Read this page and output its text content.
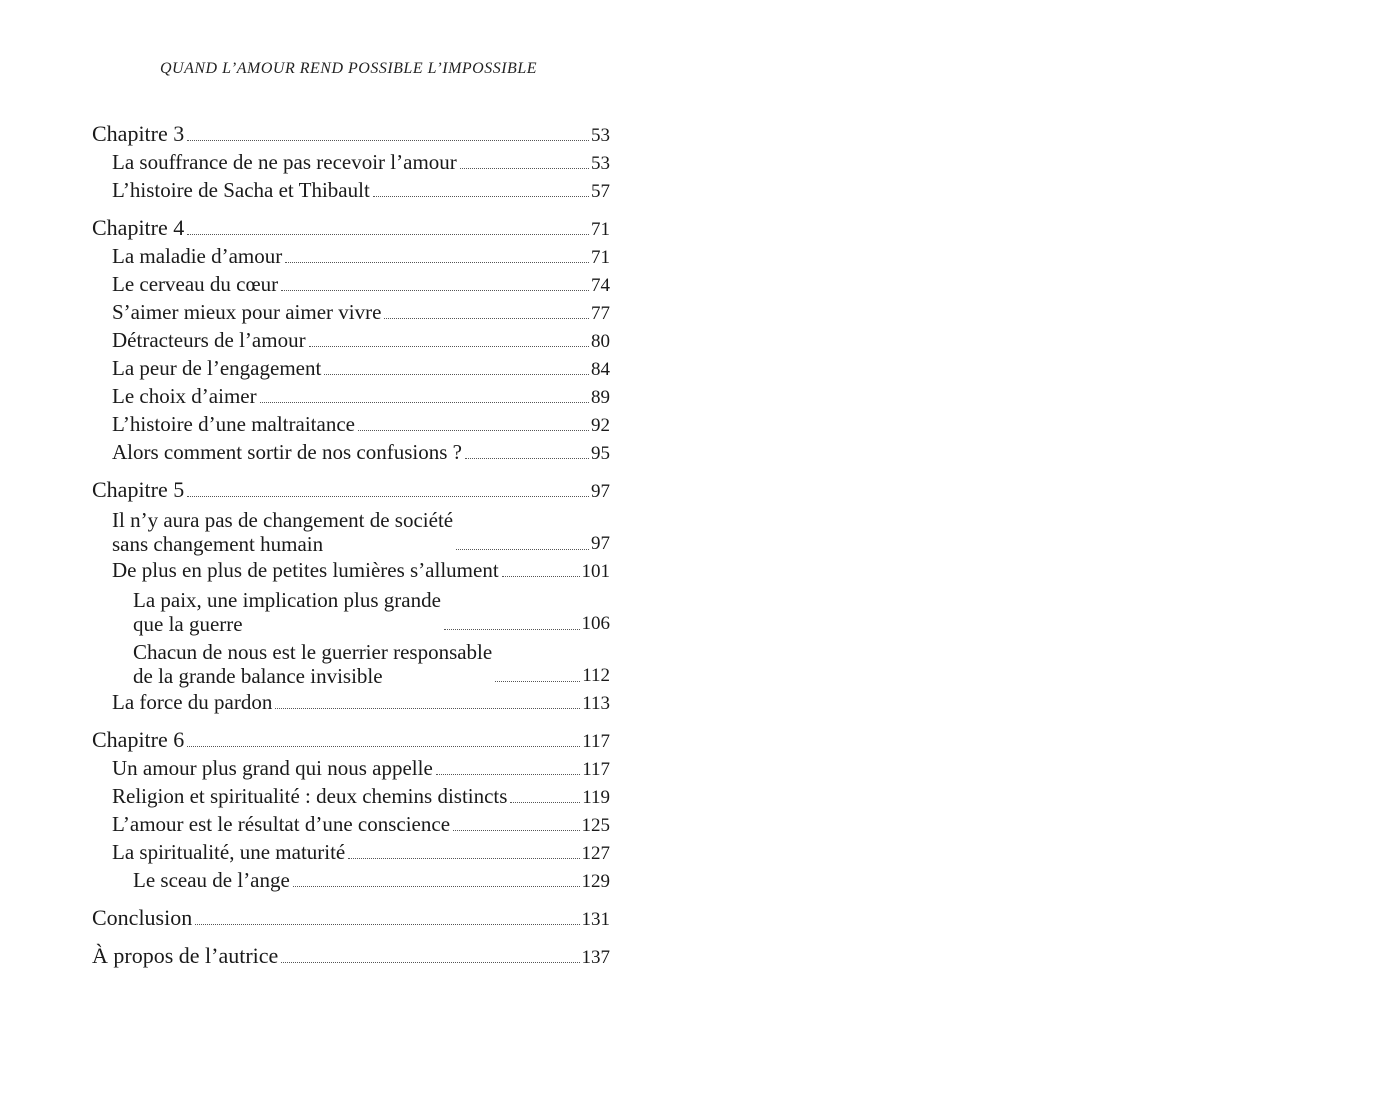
QUAND L’AMOUR REND POSSIBLE L’IMPOSSIBLE
Chapitre 3	53
La souffrance de ne pas recevoir l’amour	53
L’histoire de Sacha et Thibault	57
Chapitre 4	71
La maladie d’amour	71
Le cerveau du cœur	74
S’aimer mieux pour aimer vivre	77
Détracteurs de l’amour	80
La peur de l’engagement	84
Le choix d’aimer	89
L’histoire d’une maltraitance	92
Alors comment sortir de nos confusions ?	95
Chapitre 5	97
Il n’y aura pas de changement de société
sans changement humain	97
De plus en plus de petites lumières s’allument	101
La paix, une implication plus grande
que la guerre	106
Chacun de nous est le guerrier responsable
de la grande balance invisible	112
La force du pardon	113
Chapitre 6	117
Un amour plus grand qui nous appelle	117
Religion et spiritualité : deux chemins distincts	119
L’amour est le résultat d’une conscience	125
La spiritualité, une maturité	127
Le sceau de l’ange	129
Conclusion	131
À propos de l’autrice	137
